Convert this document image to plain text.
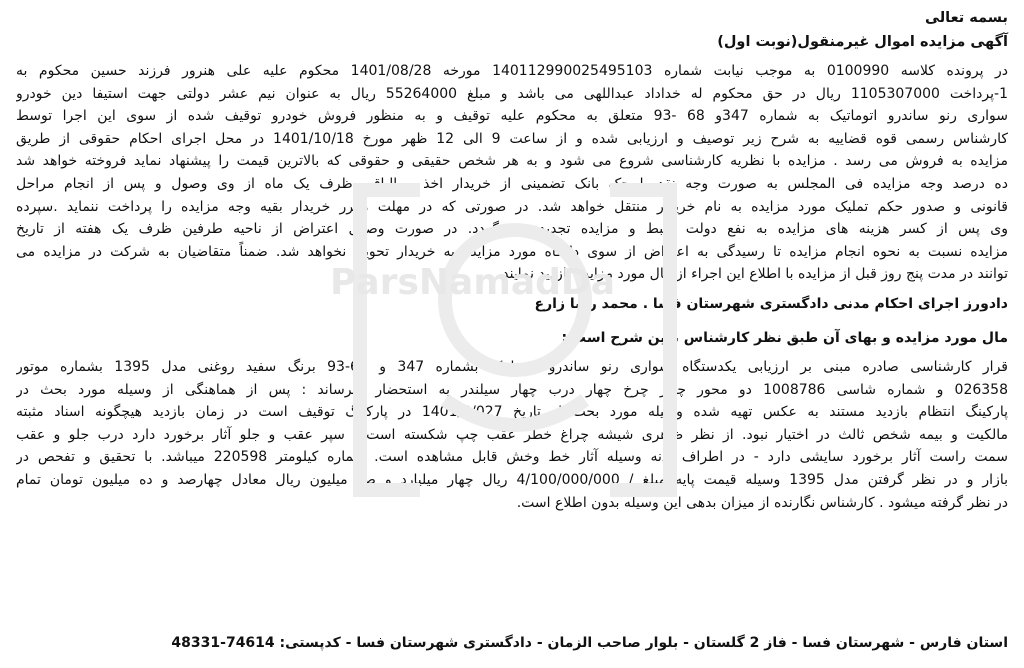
بسمه تعالی
آگهی مزایده اموال غیرمنقول(نوبت اول)
در پرونده کلاسه 0100990 به موجب نیابت شماره 14011299002549510​3 مورخه 1401/08/28 محکوم علیه علی هنرور فرزند حسین محکوم به
1-پرداخت 1105307000 ریال در حق محکوم له خداداد عبداللهی می باشد و مبلغ 55264000 ریال به عنوان نیم عشر دولتی جهت استیفا دین خودرو
سواری رنو ساندرو اتوماتیک به شماره 347و 68 -93 متعلق به محکوم علیه توقیف و به منظور فروش خودرو توقیف شده از سوی این اجرا توسط
کارشناس رسمی قوه قضاییه به شرح زیر توصیف و ارزیابی شده و از ساعت 9 الی 12 ظهر مورخ 1401/10/18 در محل اجرای احکام حقوقی از طریق
مزایده به فروش می رسد . مزایده با نظریه کارشناسی شروع می شود و به هر شخص حقیقی و حقوقی که بالاترین قیمت را پیشنهاد نماید فروخته خواهد شد
ده درصد وجه مزایده فی المجلس به صورت وجه نقد یا چک بانک تضمینی از خریدار اخذ و الباقی ظرف یک ماه از وی وصول و پس از انجام مراحل
قانونی و صدور حکم تملیک مورد مزایده به نام خریدار منتقل خواهد شد. در صورتی که در مهلت مقرر خریدار بقیه وجه مزایده را پرداخت ننماید .سپرده
وی پس از کسر هزینه های مزایده به نفع دولت ضبط و مزایده تجدید می گردد. در صورت وصول اعتراض از ناحیه طرفین ظرف یک هفته از تاریخ
مزایده نسبت به نحوه انجام مزایده تا رسیدگی به اعتراض از سوی دادگاه مورد مزایده به خریدار تحویل نخواهد شد. ضمناً متقاضیان به شرکت در مزایده می
توانند در مدت پنج روز قبل از مزایده با اطلاع این اجراء از مال مورد مزایده بازدید نمایند.
دادورز اجرای احکام مدنی دادگستری شهرستان فسا . محمد رضا زارع
مال مورد مزایده و بهای آن طبق نظر کارشناس بدین شرح است :
قرار کارشناسی صادره مبنی بر ارزیابی یکدستگاه سواری رنو ساندرو اتوماتیک بشماره 347 و 68-93 برنگ سفید روغنی مدل 1395 بشماره موتور
026358 و شماره شاسی 1008786 دو محور چهار چرخ چهار درب چهار سیلندر به استحضار میرساند : پس از هماهنگی از وسیله مورد بحث در
پارکینگ انتظام بازدید مستند به عکس تهیه شده وسیله مورد بحث از تاریخ 1401/3/0​27 در پارکینگ توقیف است در زمان بازدید هیچگونه اسناد مثبته
مالکیت و بیمه شخص ثالث در اختیار نبود. از نظر ظاهری شیشه چراغ خطر عقب چپ شکسته است . سپر عقب و جلو آثار برخورد دارد درب جلو و عقب
سمت راست آثار برخورد سایشی دارد - در اطراف بدنه وسیله آثار خط وخش قابل مشاهده است. شماره کیلومتر 220598 میباشد. با تحقیق و تفحص در
بازار و در نظر گرفتن مدل 1395 وسیله قیمت پایه مبلغ / 4/100/000/000 ریال چهار میلیارد و صد میلیون ریال معادل چهارصد و ده میلیون تومان تمام
در نظر گرفته میشود . کارشناس نگارنده از میزان بدهی این وسیله بدون اطلاع است.
ParsNamadDa
استان فارس - شهرستان فسا - فاز 2 گلستان - بلوار صاحب الزمان - دادگستری شهرستان فسا - کدپستی: 74614-48331
